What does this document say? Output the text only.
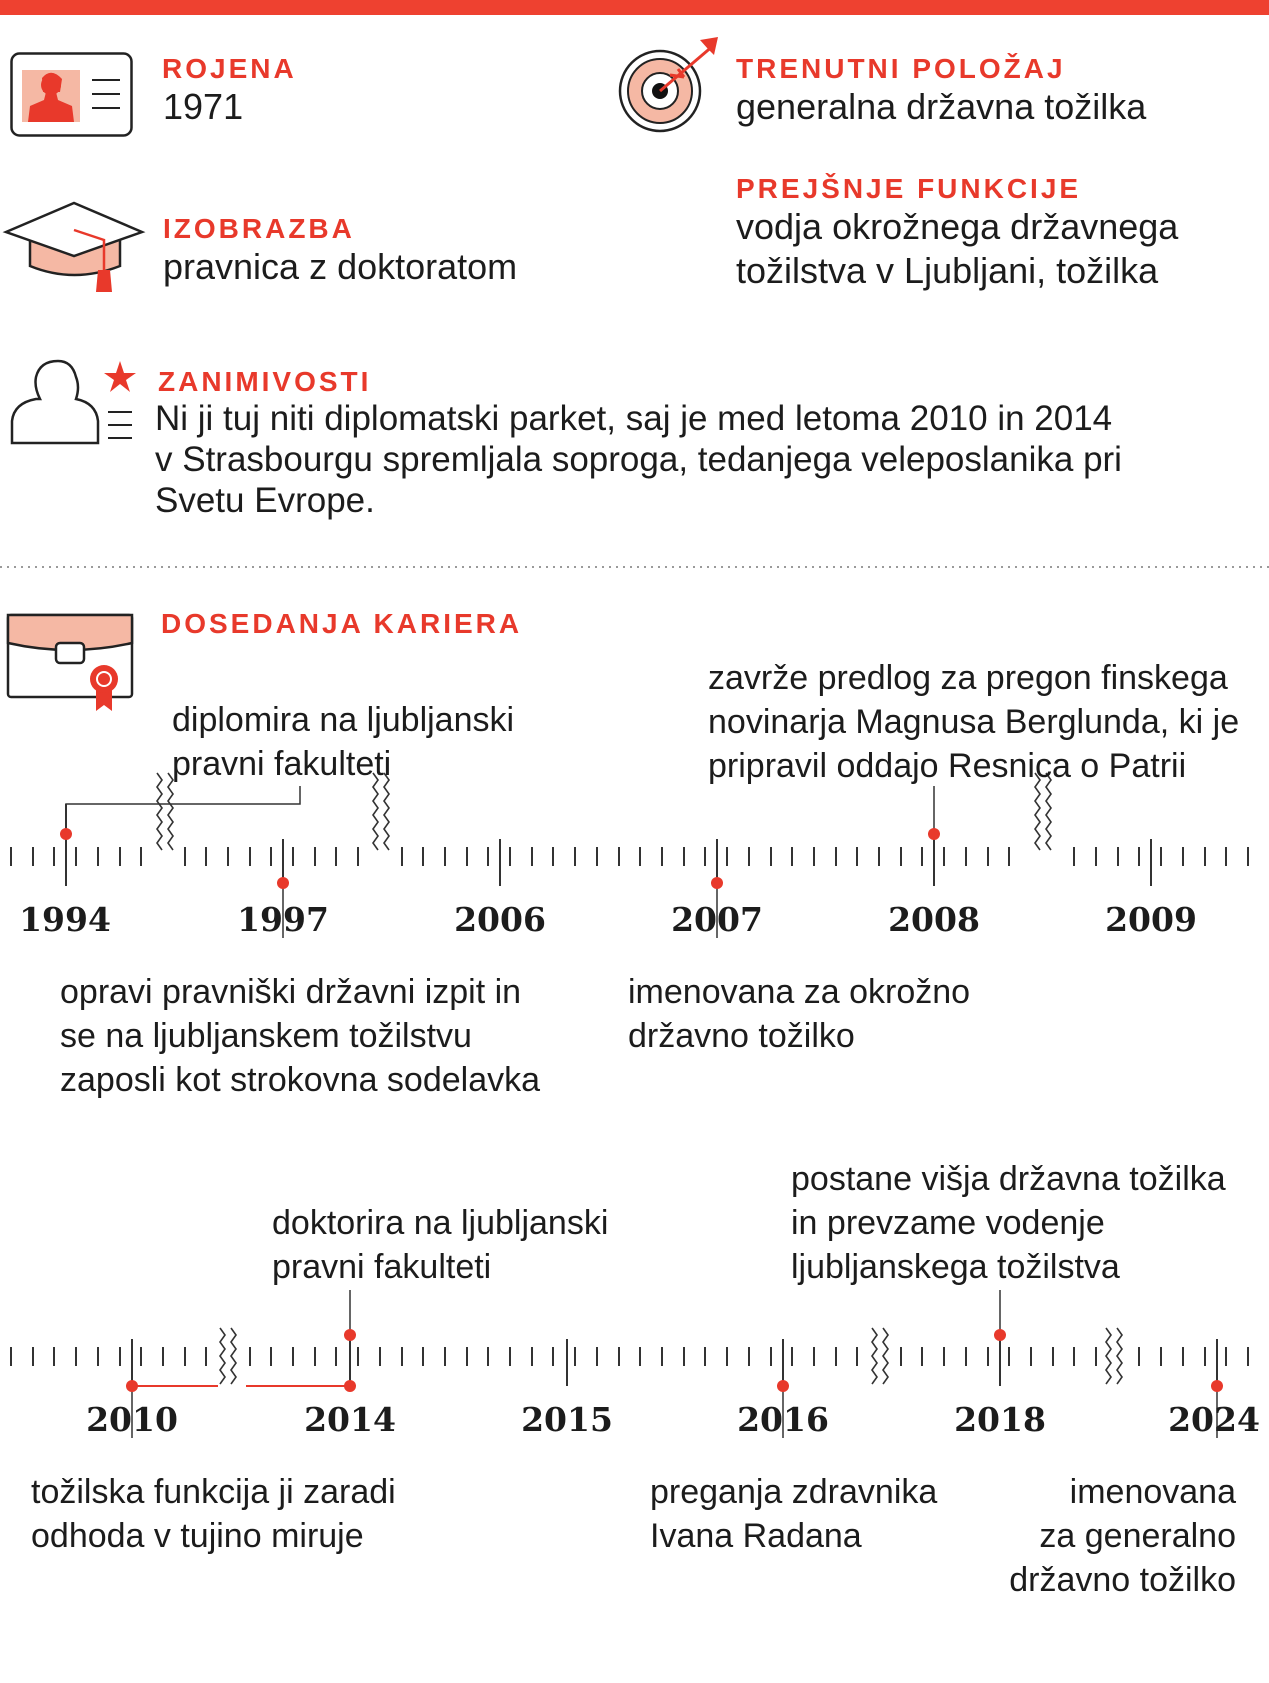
ROJENA
1971
TRENUTNI POLOŽAJ
generalna državna tožilka
IZOBRAZBA
pravnica z doktoratom
PREJŠNJE FUNKCIJE
vodja okrožnega državnega
tožilstva v Ljubljani, tožilka
ZANIMIVOSTI
Ni ji tuj niti diplomatski parket, saj je med letoma 2010 in 2014
v Strasbourgu spremljala soproga, tedanjega veleposlanika pri
Svetu Evrope.
DOSEDANJA KARIERA
1994	1997	2006	2007	2008	2009
diplomira na ljubljanski
pravni fakulteti
zavrže predlog za pregon finskega
novinarja Magnusa Berglunda, ki je
pripravil oddajo Resnica o Patrii
opravi pravniški državni izpit in
se na ljubljanskem tožilstvu
zaposli kot strokovna sodelavka
imenovana za okrožno
državno tožilko
2010	2014	2015	2016	2018	2024
doktorira na ljubljanski
pravni fakulteti
postane višja državna tožilka
in prevzame vodenje
ljubljanskega tožilstva
tožilska funkcija ji zaradi
odhoda v tujino miruje
preganja zdravnika
Ivana Radana
imenovana
za generalno
državno tožilko
